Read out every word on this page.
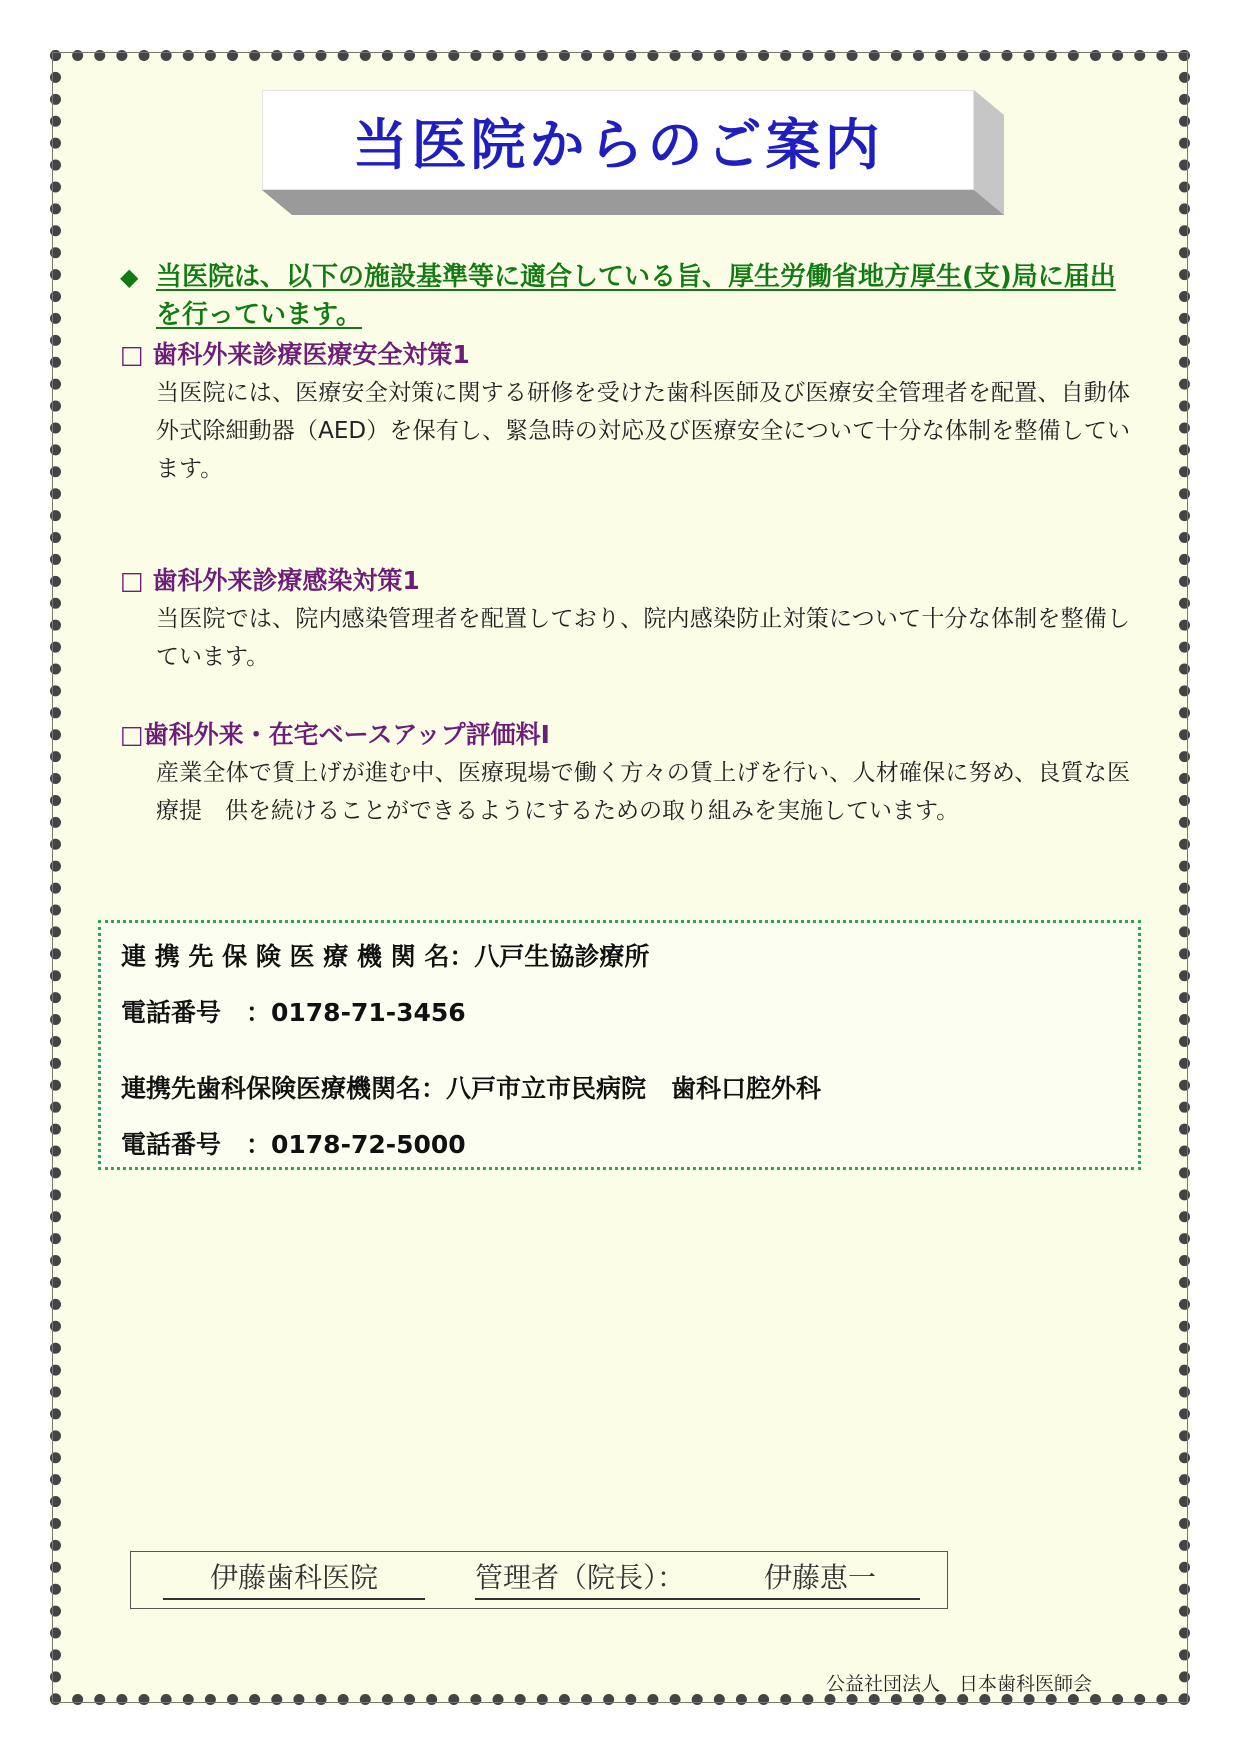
当医院からのご案内
◆ 当医院は、以下の施設基準等に適合している旨、厚生労働省地方厚生(支)局に届出を行っています。
□ 歯科外来診療医療安全対策1
当医院には、医療安全対策に関する研修を受けた歯科医師及び医療安全管理者を配置、自動体外式除細動器（AED）を保有し、緊急時の対応及び医療安全について十分な体制を整備しています。
□ 歯科外来診療感染対策1
当医院では、院内感染管理者を配置しており、院内感染防止対策について十分な体制を整備しています。
□歯科外来・在宅ベースアップ評価料Ⅰ
産業全体で賃上げが進む中、医療現場で働く方々の賃上げを行い、人材確保に努め、良質な医療提　供を続けることができるようにするための取り組みを実施しています。
連 携 先 保 険 医 療 機 関 名：八戸生協診療所
電話番号　：0178-71-3456
連携先歯科保険医療機関名：八戸市立市民病院　歯科口腔外科
電話番号　：0178-72-5000
伊藤歯科医院	管理者（院長）：	伊藤恵一
公益社団法人　日本歯科医師会
